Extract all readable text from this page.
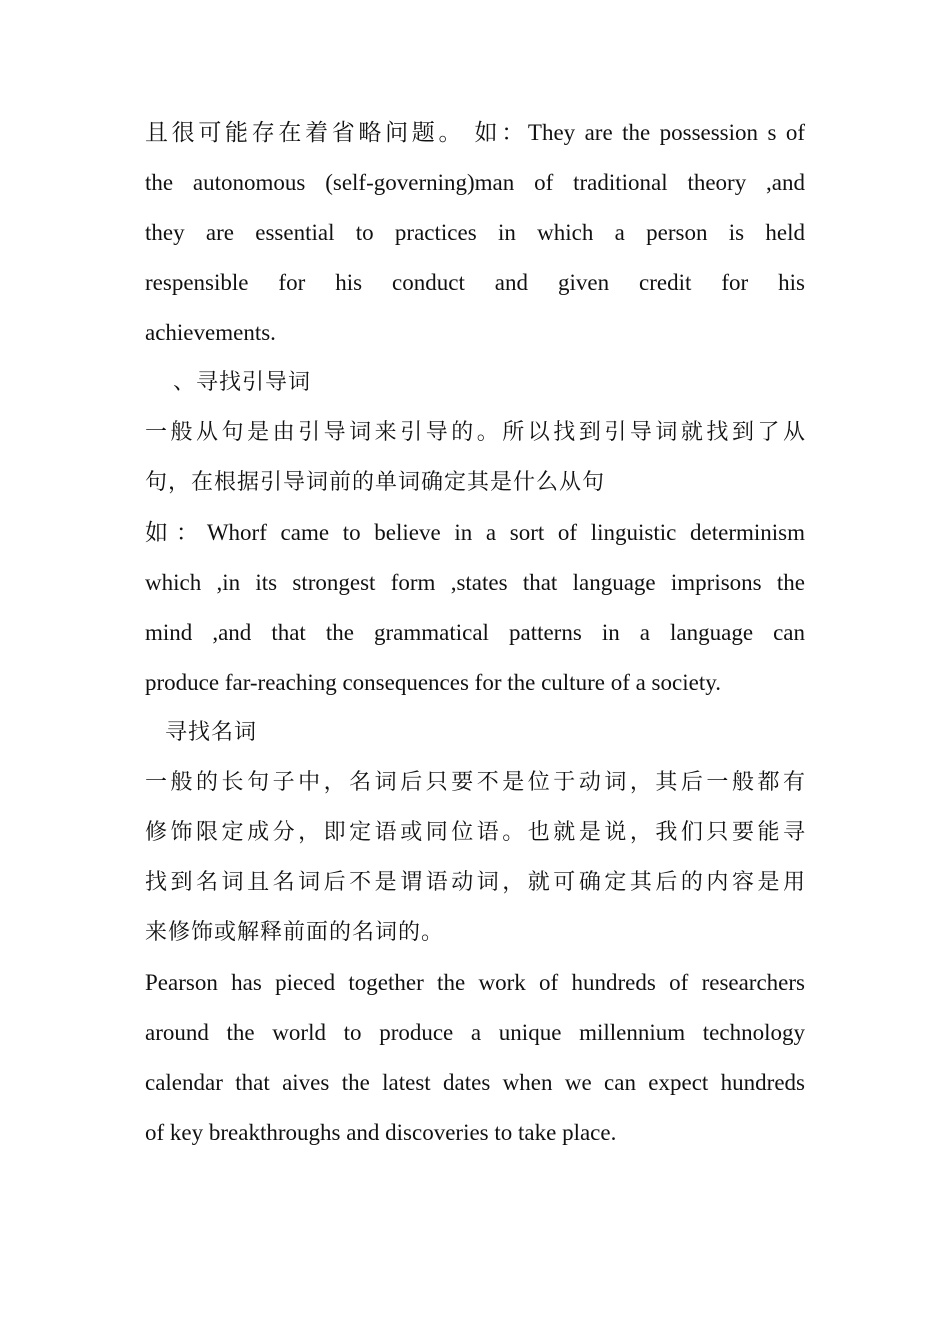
且很可能存在着省略问题。 如：They are the possession s of
the autonomous (self-governing)man of traditional theory ,and
they are essential to practices in which a person is held
respensible for his conduct and given credit for his
achievements.
、寻找引导词
一般从句是由引导词来引导的。所以找到引导词就找到了从
句，在根据引导词前的单词确定其是什么从句
如：Whorf came to believe in a sort of linguistic determinism
which ,in its strongest form ,states that language imprisons the
mind ,and that the grammatical patterns in a language can
produce far-reaching consequences for the culture of a society.
寻找名词
一般的长句子中，名词后只要不是位于动词，其后一般都有
修饰限定成分，即定语或同位语。也就是说，我们只要能寻
找到名词且名词后不是谓语动词，就可确定其后的内容是用
来修饰或解释前面的名词的。
Pearson has pieced together the work of hundreds of researchers
around the world to produce a unique millennium technology
calendar that aives the latest dates when we can expect hundreds
of key breakthroughs and discoveries to take place.
